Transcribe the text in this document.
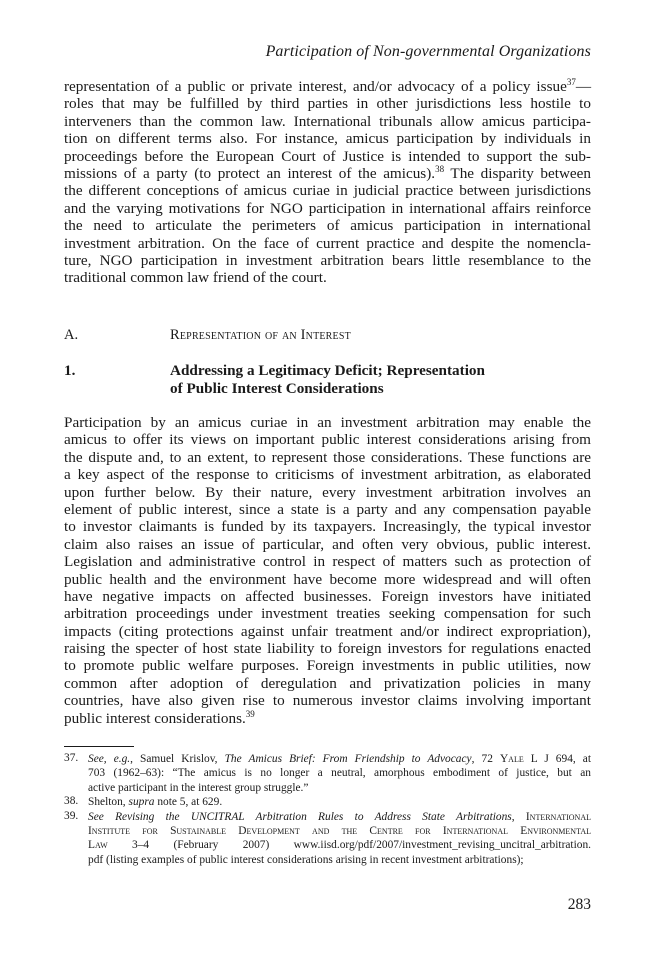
Participation of Non-governmental Organizations
representation of a public or private interest, and/or advocacy of a policy issue$^{37}$—
roles that may be fulfilled by third parties in other jurisdictions less hostile to
interveners than the common law. International tribunals allow amicus participa-
tion on different terms also. For instance, amicus participation by individuals in
proceedings before the European Court of Justice is intended to support the sub-
missions of a party (to protect an interest of the amicus).$^{38}$ The disparity between
the different conceptions of amicus curiae in judicial practice between jurisdictions
and the varying motivations for NGO participation in international affairs reinforce
the need to articulate the perimeters of amicus participation in international
investment arbitration. On the face of current practice and despite the nomencla-
ture, NGO participation in investment arbitration bears little resemblance to the
traditional common law friend of the court.
A.	Representation of an Interest
1.	Addressing a Legitimacy Deficit; Representation
of Public Interest Considerations
Participation by an amicus curiae in an investment arbitration may enable the
amicus to offer its views on important public interest considerations arising from
the dispute and, to an extent, to represent those considerations. These functions are
a key aspect of the response to criticisms of investment arbitration, as elaborated
upon further below. By their nature, every investment arbitration involves an
element of public interest, since a state is a party and any compensation payable
to investor claimants is funded by its taxpayers. Increasingly, the typical investor
claim also raises an issue of particular, and often very obvious, public interest.
Legislation and administrative control in respect of matters such as protection of
public health and the environment have become more widespread and will often
have negative impacts on affected businesses. Foreign investors have initiated
arbitration proceedings under investment treaties seeking compensation for such
impacts (citing protections against unfair treatment and/or indirect expropriation),
raising the specter of host state liability to foreign investors for regulations enacted
to promote public welfare purposes. Foreign investments in public utilities, now
common after adoption of deregulation and privatization policies in many
countries, have also given rise to numerous investor claims involving important
public interest considerations.$^{39}$
37. See, e.g., Samuel Krislov, The Amicus Brief: From Friendship to Advocacy, 72 Yale L J 694, at
703 (1962–63): “The amicus is no longer a neutral, amorphous embodiment of justice, but an
active participant in the interest group struggle.”
38. Shelton, supra note 5, at 629.
39. See Revising the UNCITRAL Arbitration Rules to Address State Arbitrations, International
Institute for Sustainable Development and the Centre for International Environmental
Law 3–4 (February 2007) www.iisd.org/pdf/2007/investment_revising_uncitral_arbitration.
pdf (listing examples of public interest considerations arising in recent investment arbitrations);
283
